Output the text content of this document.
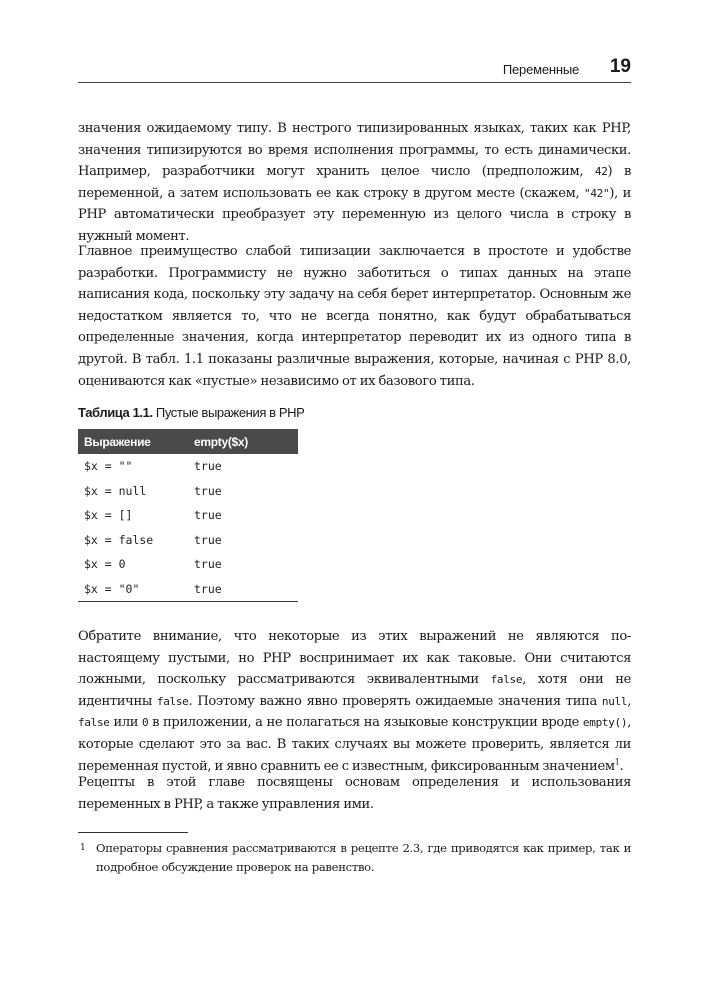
Переменные 19

значения ожидаемому типу. В нестрого типизированных языках, таких как PHP, значения типизируются во время исполнения программы, то есть динамически. Например, разработчики могут хранить целое число (предположим, 42) в переменной, а затем использовать ее как строку в другом месте (скажем, "42"), и PHP автоматически преобразует эту переменную из целого числа в строку в нужный момент.

Главное преимущество слабой типизации заключается в простоте и удобстве разработки. Программисту не нужно заботиться о типах данных на этапе написания кода, поскольку эту задачу на себя берет интерпретатор. Основным же недостатком является то, что не всегда понятно, как будут обрабатываться определенные значения, когда интерпретатор переводит их из одного типа в другой. В табл. 1.1 показаны различные выражения, которые, начиная с PHP 8.0, оцениваются как «пустые» независимо от их базового типа.

Таблица 1.1. Пустые выражения в PHP
Выражение	empty($x)
$x = ""	true
$x = null	true
$x = []	true
$x = false	true
$x = 0	true
$x = "0"	true

Обратите внимание, что некоторые из этих выражений не являются по-настоящему пустыми, но PHP воспринимает их как таковые. Они считаются ложными, поскольку рассматриваются эквивалентными false, хотя они не идентичны false. Поэтому важно явно проверять ожидаемые значения типа null, false или 0 в приложении, а не полагаться на языковые конструкции вроде empty(), которые сделают это за вас. В таких случаях вы можете проверить, является ли переменная пустой, и явно сравнить ее с известным, фиксированным значением$^1$.

Рецепты в этой главе посвящены основам определения и использования переменных в PHP, а также управления ими.

1 Операторы сравнения рассматриваются в рецепте 2.3, где приводятся как пример, так и подробное обсуждение проверок на равенство.
